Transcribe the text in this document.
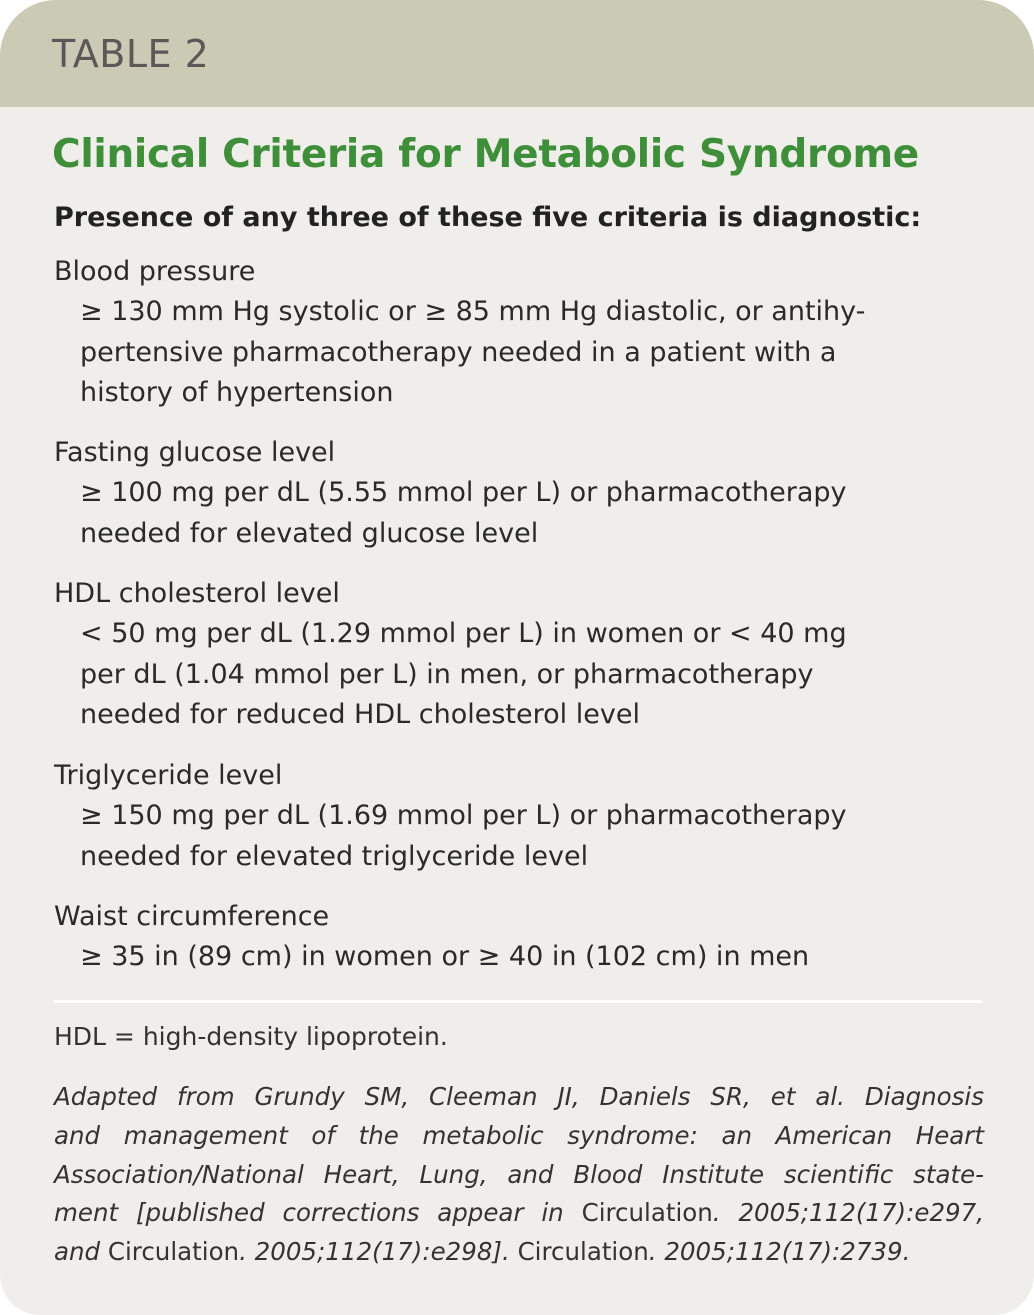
TABLE 2
Clinical Criteria for Metabolic Syndrome
Presence of any three of these five criteria is diagnostic:
Blood pressure
≥ 130 mm Hg systolic or ≥ 85 mm Hg diastolic, or antihy-
pertensive pharmacotherapy needed in a patient with a
history of hypertension
Fasting glucose level
≥ 100 mg per dL (5.55 mmol per L) or pharmacotherapy
needed for elevated glucose level
HDL cholesterol level
< 50 mg per dL (1.29 mmol per L) in women or < 40 mg
per dL (1.04 mmol per L) in men, or pharmacotherapy
needed for reduced HDL cholesterol level
Triglyceride level
≥ 150 mg per dL (1.69 mmol per L) or pharmacotherapy
needed for elevated triglyceride level
Waist circumference
≥ 35 in (89 cm) in women or ≥ 40 in (102 cm) in men
HDL = high-density lipoprotein.
Adapted from Grundy SM, Cleeman JI, Daniels SR, et al. Diagnosis
and management of the metabolic syndrome: an American Heart
Association/National Heart, Lung, and Blood Institute scientific state-
ment [published corrections appear in Circulation. 2005;112(17):e297,
and Circulation. 2005;112(17):e298]. Circulation. 2005;112(17):2739.
